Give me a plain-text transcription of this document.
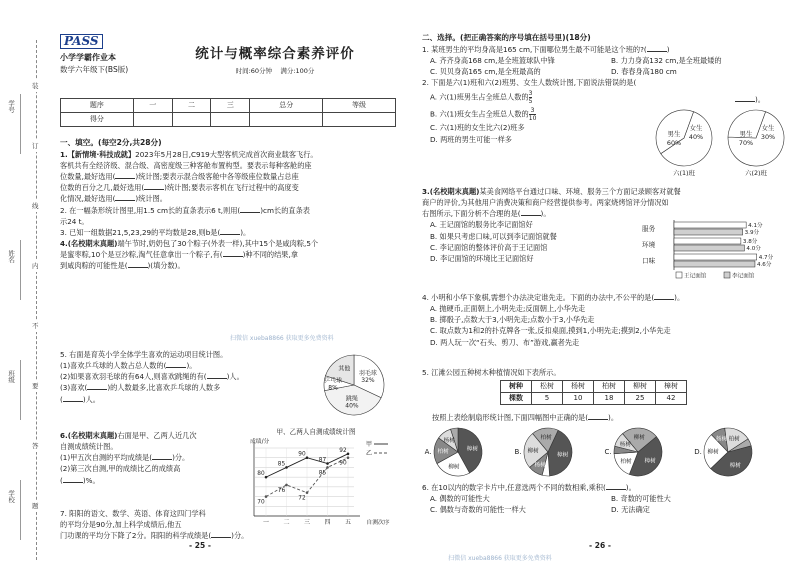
学号
姓名
班级
学校
装
订
线
内
不
要
答
题
PASS
小学学霸作业本
数学六年级下(BS版)
统计与概率综合素养评价
时间:60分钟 满分:100分
题序	一	二	三	总分	等级
得分					
一、填空。(每空2分,共28分)
1.【新情境·科技成就】2023年5月28日,C919大型客机完成首次商业载客飞行。
客机共有全经济级、混合级、高密度级三种客舱布置构型。要表示每种客舱的座
位数量,最好选用(	)统计图;要表示混合级客舱中各等级座位数量占总座
位数的百分之几,最好选用(	)统计图;要表示客机在飞行过程中的高度变
化情况,最好选用(	)统计图。
2. 在一幅条形统计图里,用1.5 cm长的直条表示6 t,则用(	)cm长的直条表
示24 t。
3. 已知一组数据21,5,23,29的平均数是28,则b是(	)。
4.(名校期末真题)端午节时,奶奶包了30个粽子(外表一样),其中15个是咸肉粽,5个
是蜜枣粽,10个是豆沙粽,淘气任意拿出一个粽子,有(	)种不同的结果,拿
到咸肉粽的可能性是(	)(填分数)。
扫微信 xueba8866 获取更多免费资料
5. 右面是育英小学全体学生喜欢的运动项目统计图。
(1)喜欢乒乓球的人数占总人数的(	)。
(2)如果喜欢羽毛球的有64人,则喜欢跳绳的有(	)人。
(3)喜欢(	)的人数最多,比喜欢乒乓球的人数多
(	)人。
羽毛球
32%
跳绳
40%
乒乓球
8%
其他
6.(名校期末真题)右面是甲、乙两人近几次
自测成绩统计图。
(1)甲五次自测的平均成绩是(	)分。
(2)第三次自测,甲的成绩比乙的成绩高
(	)%。
甲、乙两人自测成绩统计图
成绩/分
一 二 三 四 五	自测次序
80
85
90
87
92
甲
70
76
72
85
90
乙
7. 阳阳的语文、数学、英语、体育这四门学科
的平均分是90分,加上科学成绩后,他五
门功课的平均分下降了2分。阳阳的科学成绩是(	)分。
- 25 -
二、选择。(把正确答案的序号填在括号里)(18分)
1. 某班男生的平均身高是165 cm,下面哪位男生最不可能是这个班的?(	)
A. 齐齐身高168 cm,是全班篮球队中锋	B. 力力身高132 cm,是全班最矮的
C. 贝贝身高165 cm,是全班最高的	D. 春春身高180 cm
2. 下面是六(1)班和六(2)班男、女生人数统计图,下面说法错误的是(
A. 六(1)班男生占全班总人数的 $\frac{3}{5}$
B. 六(1)班女生占全班总人数的 $\frac{3}{10}$
C. 六(1)班的女生比六(2)班多
D. 两班的男生可能一样多
)。
男生
60%
女生
40%
六(1)班
男生
70%
女生
30%
六(2)班
3.(名校期末真题)某美食网络平台通过口味、环境、服务三个方面记录顾客对就餐
商户的评价,为其他用户消费决策和商户经营提供参考。两家烧烤馆评分情况如
右图所示,下面分析不合理的是(	)。
A. 王记面馆的服务比李记面馆好
B. 如果只考虑口味,可以到李记面馆就餐
C. 李记面馆的整体评价高于王记面馆
D. 李记面馆的环境比王记面馆好
服务	4.1分
3.9分
环境	3.8分
4.0分
口味	4.7分
4.6分
王记面馆	李记面馆
4. 小明和小华下象棋,需想个办法决定谁先走。下面的办法中,不公平的是(	)。
A. 抛硬币,正面朝上,小明先走;反面朝上,小华先走
B. 掷骰子,点数大于3,小明先走;点数小于3,小华先走
C. 取点数为1和2的扑克牌各一张,反扣桌面,摸到1,小明先走;摸到2,小华先走
D. 两人玩一次“石头、剪刀、布”游戏,赢者先走
5. 江滩公园五种树木种植情况如下表所示。
树种	松树	杨树	柏树	柳树	樟树
棵数	5	10	18	25	42
按照上表绘制扇形统计图,下面四幅图中正确的是(	)。
A.	樟树
柳树
柏树
杨树
B.	樟树
杨树
柳树
柏树
C.
樟树
柏树
杨树
柳树
D.
樟树
柳树
杨树 柏树
6. 在10以内的数字卡片中,任意选两个不同的数相乘,乘积(	)。
A. 偶数的可能性大	B. 奇数的可能性大
C. 偶数与奇数的可能性一样大	D. 无法确定
- 26 -
扫微信 xueba8866 获取更多免费资料
